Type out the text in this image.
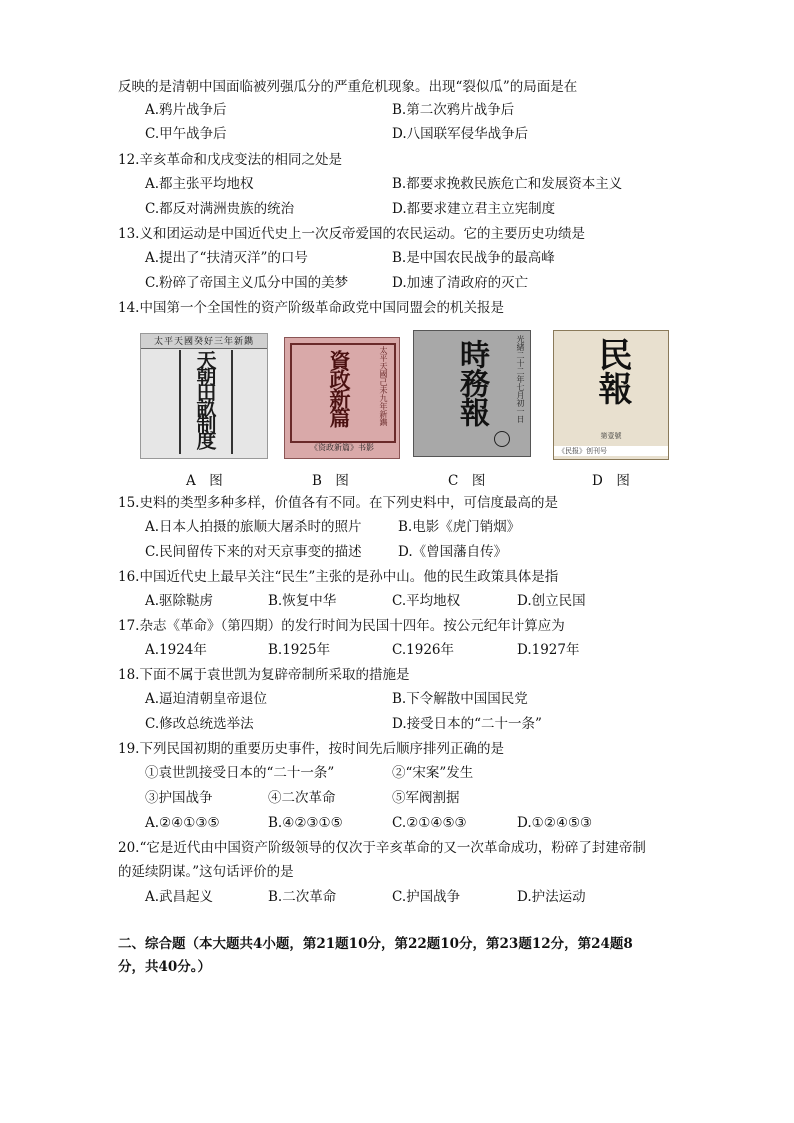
反映的是清朝中国面临被列强瓜分的严重危机现象。出现“裂似瓜”的局面是在
A.鸦片战争后	B.第二次鸦片战争后
C.甲午战争后	D.八国联军侵华战争后
12.辛亥革命和戊戌变法的相同之处是
A.都主张平均地权	B.都要求挽救民族危亡和发展资本主义
C.都反对满洲贵族的统治	D.都要求建立君主立宪制度
13.义和团运动是中国近代史上一次反帝爱国的农民运动。它的主要历史功绩是
A.提出了“扶清灭洋”的口号	B.是中国农民战争的最高峰
C.粉碎了帝国主义瓜分中国的美梦	D.加速了清政府的灭亡
14.中国第一个全国性的资产阶级革命政党中国同盟会的机关报是
太平天國癸好三年新鐫
天朝田畝制度	太平天國己未九年新鐫
資政新篇
《资政新篇》书影
光緒二十二年七月初一日
時務報	民報
第壹號
《民报》创刊号
A　图	B　图	C　图	D　图
15.史料的类型多种多样，价值各有不同。在下列史料中，可信度最高的是
A.日本人拍摄的旅顺大屠杀时的照片	B.电影《虎门销烟》
C.民间留传下来的对天京事变的描述	D.《曾国藩自传》
16.中国近代史上最早关注“民生”主张的是孙中山。他的民生政策具体是指
A.驱除鞑虏	B.恢复中华	C.平均地权	D.创立民国
17.杂志《革命》（第四期）的发行时间为民国十四年。按公元纪年计算应为
A.1924年	B.1925年	C.1926年	D.1927年
18.下面不属于袁世凯为复辟帝制所采取的措施是
A.逼迫清朝皇帝退位	B.下令解散中国国民党
C.修改总统选举法	D.接受日本的“二十一条”
19.下列民国初期的重要历史事件，按时间先后顺序排列正确的是
①袁世凯接受日本的“二十一条”	②“宋案”发生
③护国战争	④二次革命	⑤军阀割据
A.②④①③⑤	B.④②③①⑤	C.②①④⑤③	D.①②④⑤③
20.“它是近代由中国资产阶级领导的仅次于辛亥革命的又一次革命成功，粉碎了封建帝制
的延续阴谋。”这句话评价的是
A.武昌起义	B.二次革命	C.护国战争	D.护法运动
二、综合题（本大题共4小题，第21题10分，第22题10分，第23题12分，第24题8
分，共40分。）
